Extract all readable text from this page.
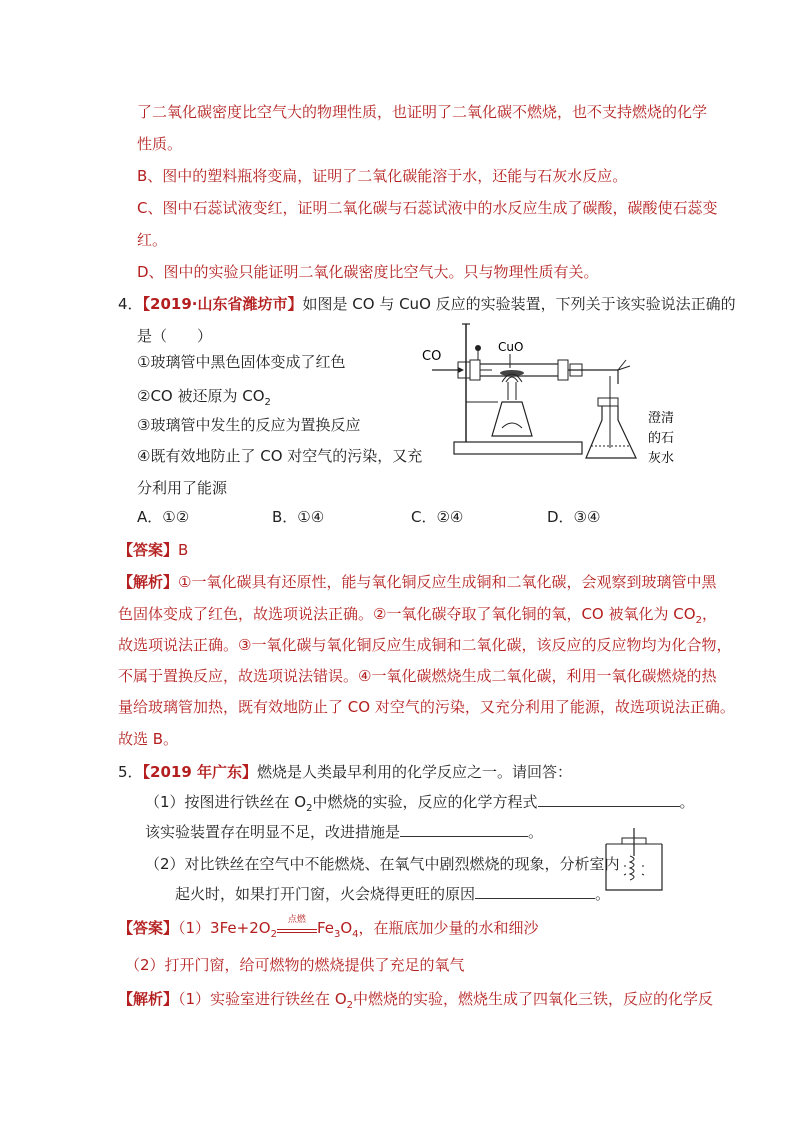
了二氧化碳密度比空气大的物理性质，也证明了二氧化碳不燃烧，也不支持燃烧的化学
性质。
B、图中的塑料瓶将变扁，证明了二氧化碳能溶于水，还能与石灰水反应。
C、图中石蕊试液变红，证明二氧化碳与石蕊试液中的水反应生成了碳酸，碳酸使石蕊变
红。
D、图中的实验只能证明二氧化碳密度比空气大。只与物理性质有关。
4．【2019·山东省潍坊市】如图是 CO 与 CuO 反应的实验装置，下列关于该实验说法正确的
是（　　）
①玻璃管中黑色固体变成了红色
②CO 被还原为 $CO_2$
③玻璃管中发生的反应为置换反应
④既有效地防止了 CO 对空气的污染，又充
分利用了能源
CO
CuO
澄清
的石
灰水
A．①②	B．①④	C．②④	D．③④
【答案】B
【解析】①一氧化碳具有还原性，能与氧化铜反应生成铜和二氧化碳，会观察到玻璃管中黑
色固体变成了红色，故选项说法正确。②一氧化碳夺取了氧化铜的氧，CO 被氧化为 $CO_2$，
故选项说法正确。③一氧化碳与氧化铜反应生成铜和二氧化碳，该反应的反应物均为化合物，
不属于置换反应，故选项说法错误。④一氧化碳燃烧生成二氧化碳，利用一氧化碳燃烧的热
量给玻璃管加热，既有效地防止了 CO 对空气的污染，又充分利用了能源，故选项说法正确。
故选 B。
5．【2019 年广东】燃烧是人类最早利用的化学反应之一。请回答：
（1）按图进行铁丝在 $O_2$中燃烧的实验，反应的化学方程式	。
该实验装置存在明显不足，改进措施是	。
（2）对比铁丝在空气中不能燃烧、在氧气中剧烈燃烧的现象，分析室内
起火时，如果打开门窗，火会烧得更旺的原因	。
【答案】$(1)3Fe+2O_2$
点燃 $Fe_3O_4$，在瓶底加少量的水和细沙
（2）打开门窗，给可燃物的燃烧提供了充足的氧气
【解析】（1）实验室进行铁丝在 $O_2$中燃烧的实验，燃烧生成了四氧化三铁，反应的化学反
